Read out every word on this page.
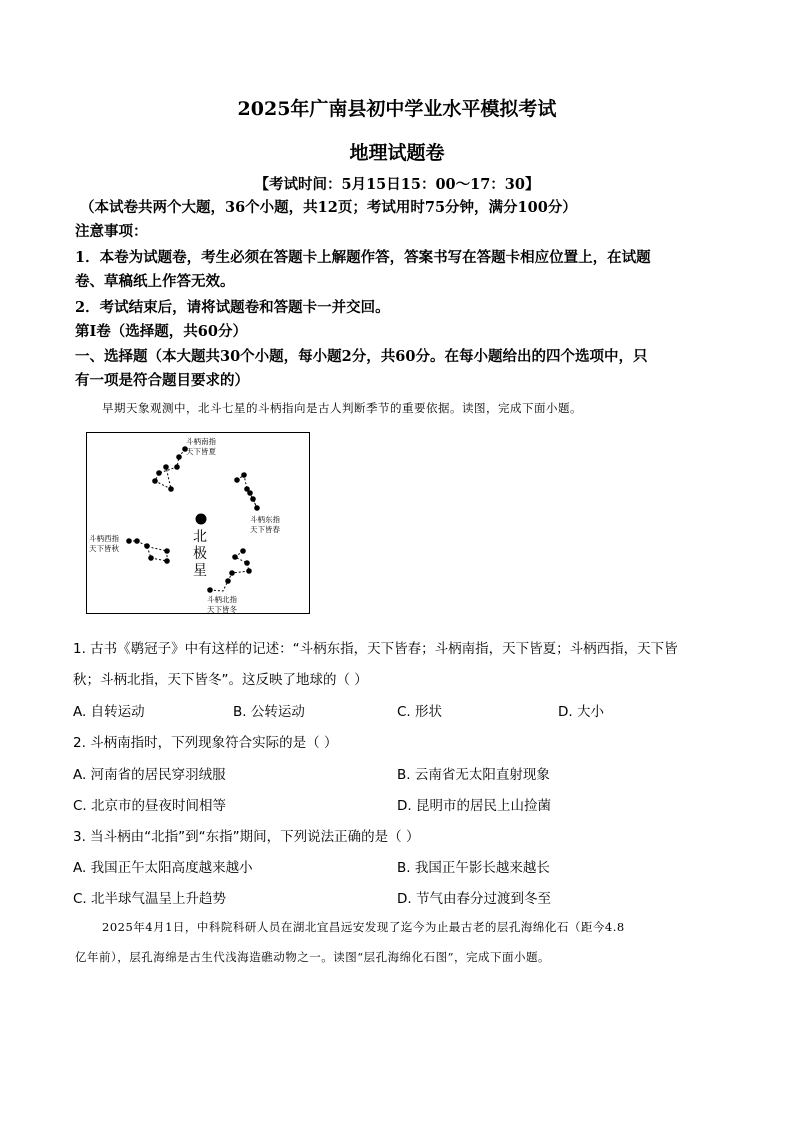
2025年广南县初中学业水平模拟考试
地理试题卷
【考试时间：5月15日15：00～17：30】
（本试卷共两个大题，36个小题，共12页；考试用时75分钟，满分100分）
注意事项：
1．本卷为试题卷，考生必须在答题卡上解题作答，答案书写在答题卡相应位置上，在试题
卷、草稿纸上作答无效。
2．考试结束后，请将试题卷和答题卡一并交回。
第Ⅰ卷（选择题，共60分）
一、选择题（本大题共30个小题，每小题2分，共60分。在每小题给出的四个选项中，只
有一项是符合题目要求的）
早期天象观测中，北斗七星的斗柄指向是古人判断季节的重要依据。读图，完成下面小题。
斗柄南指
天下皆夏
斗柄东指
天下皆春
斗柄西指
天下皆秋
斗柄北指
天下皆冬
北
极
星
1. 古书《鹖冠子》中有这样的记述：“斗柄东指，天下皆春；斗柄南指，天下皆夏；斗柄西指，天下皆
秋；斗柄北指，天下皆冬”。这反映了地球的（ ）
A. 自转运动	B. 公转运动	C. 形状	D. 大小
2. 斗柄南指时，下列现象符合实际的是（ ）
A. 河南省的居民穿羽绒服	B. 云南省无太阳直射现象
C. 北京市的昼夜时间相等	D. 昆明市的居民上山捡菌
3. 当斗柄由“北指”到“东指”期间，下列说法正确的是（ ）
A. 我国正午太阳高度越来越小	B. 我国正午影长越来越长
C. 北半球气温呈上升趋势	D. 节气由春分过渡到冬至
2025年4月1日，中科院科研人员在湖北宜昌远安发现了迄今为止最古老的层孔海绵化石（距今4.8
亿年前），层孔海绵是古生代浅海造礁动物之一。读图“层孔海绵化石图”，完成下面小题。
